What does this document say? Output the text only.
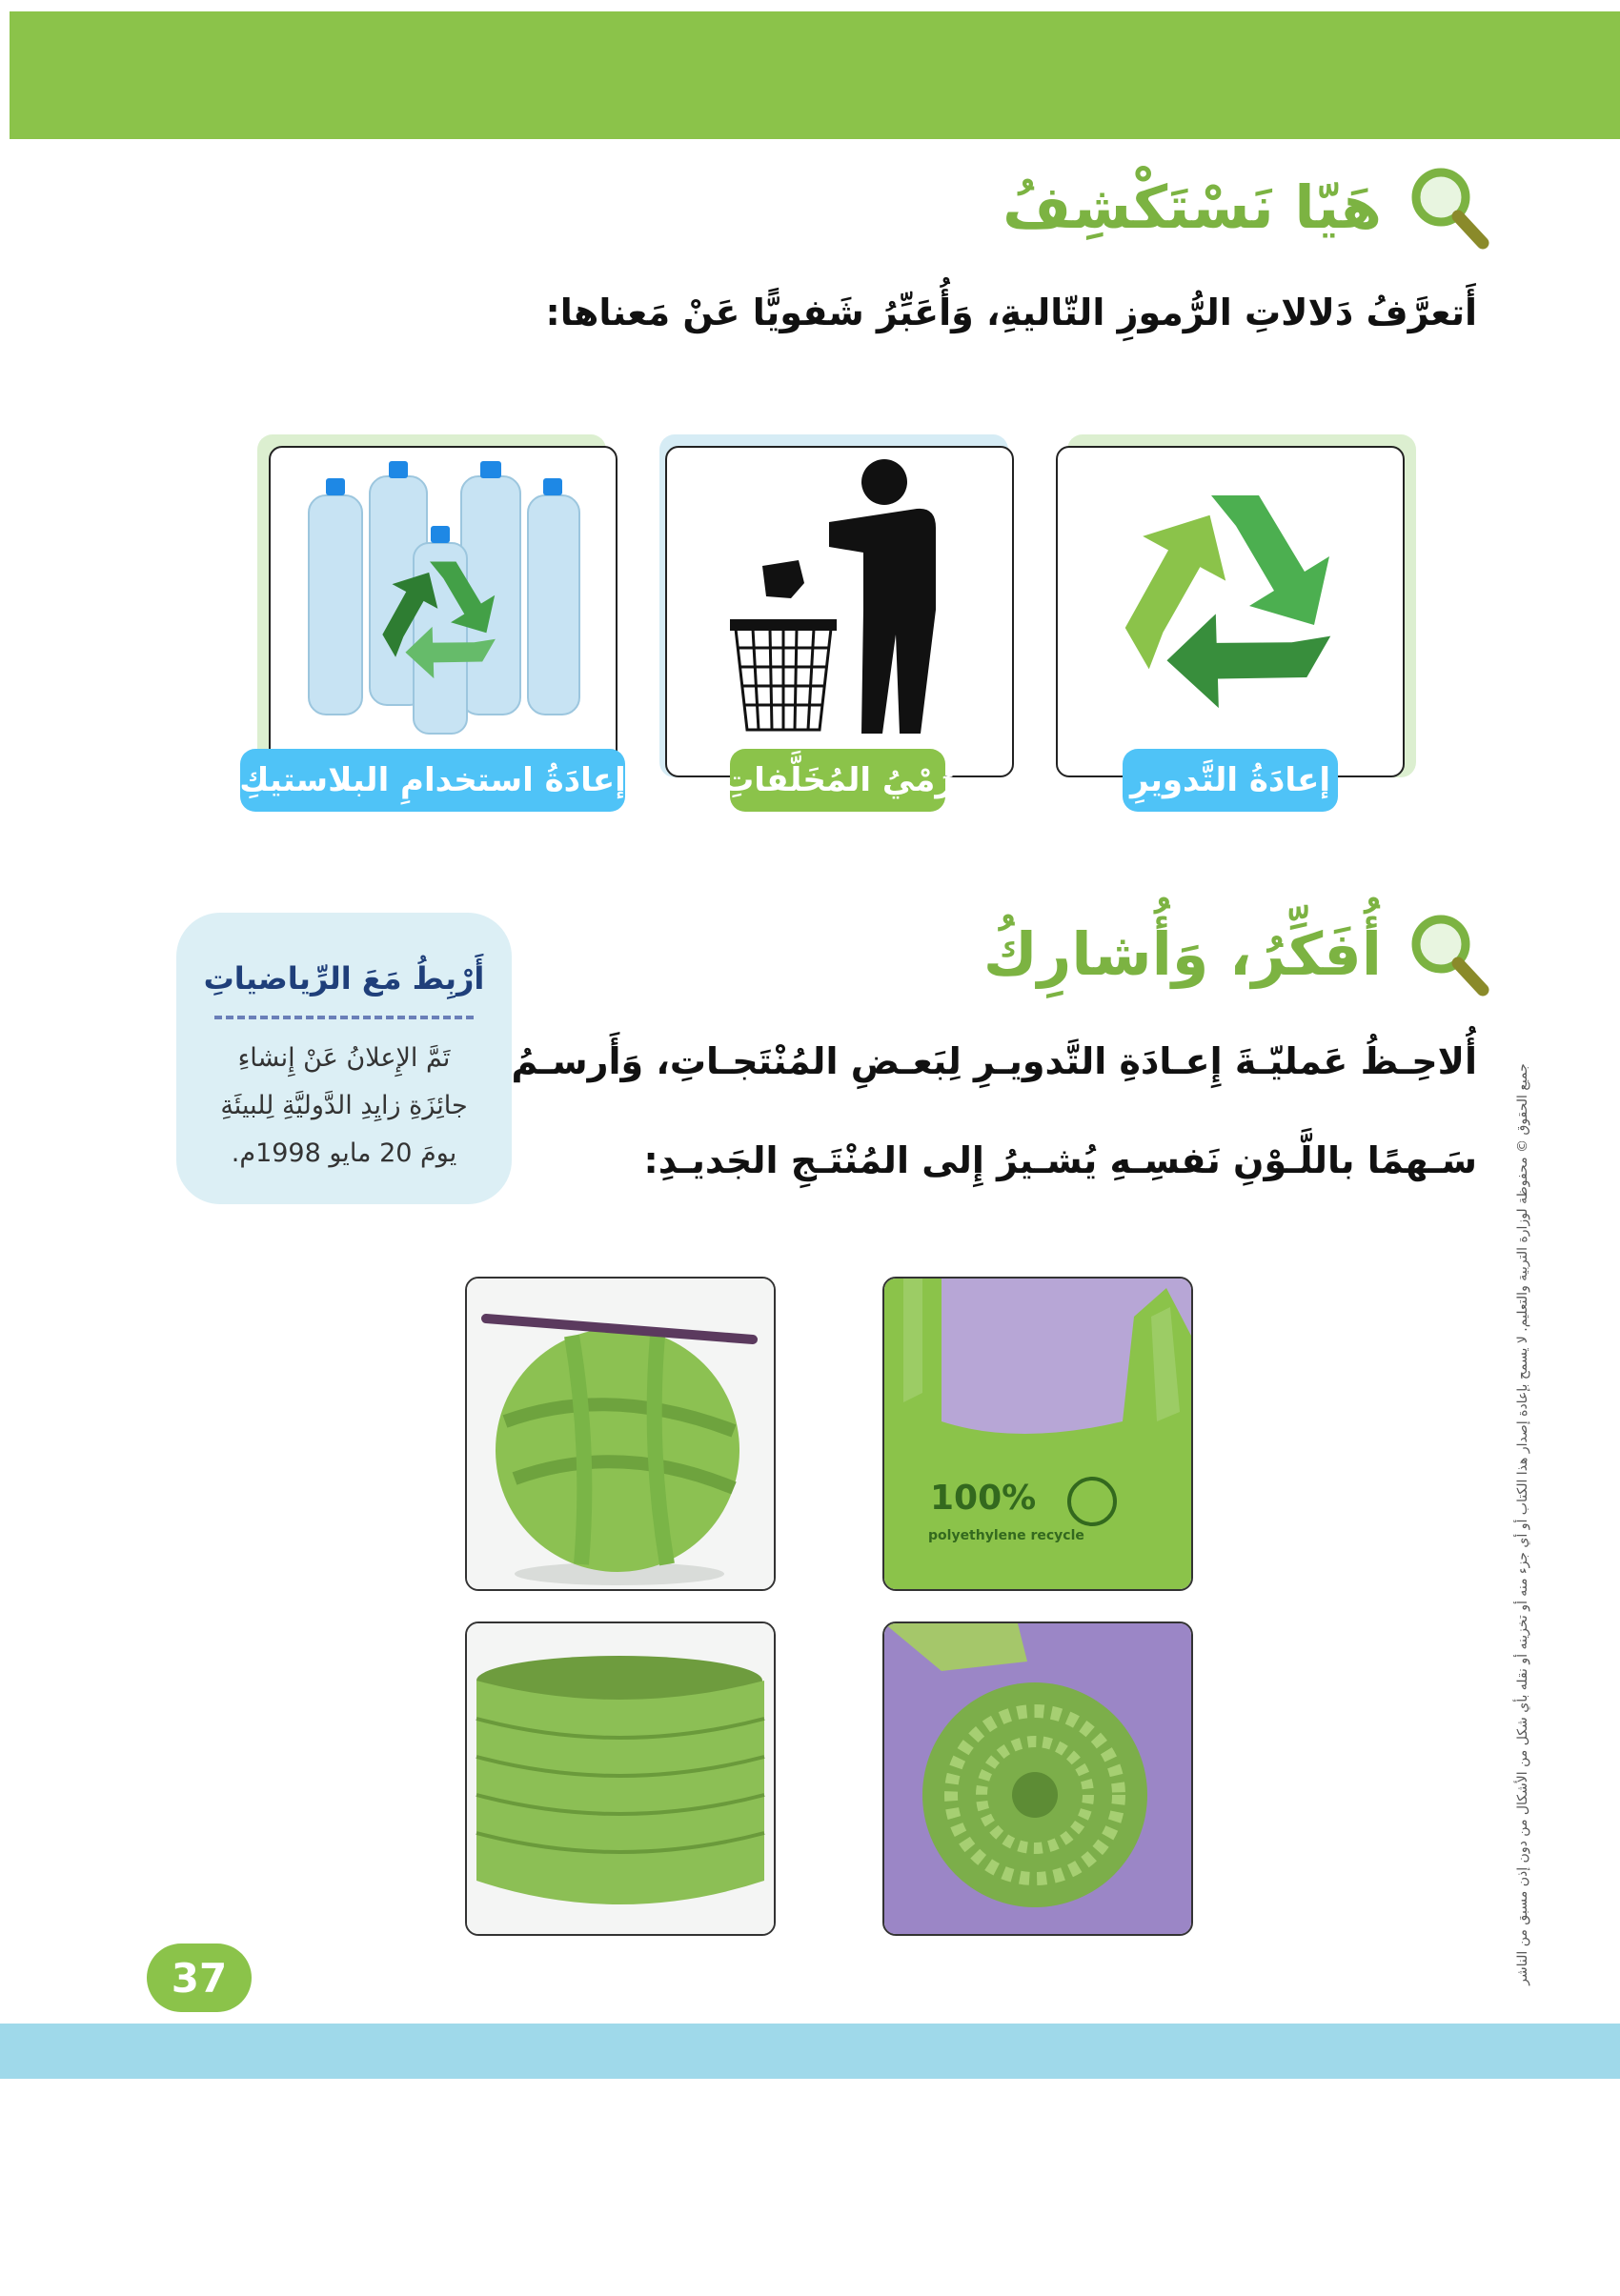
هَيّا نَسْتَكْشِفُ
أَتعرَّفُ دَلالاتِ الرُّموزِ التّاليةِ، وَأُعَبِّرُ شَفويًّا عَنْ مَعناها:
إعادَةُ التَّدويرِ
رَمْيُ المُخَلَّفاتِ
إعادَةُ استخدامِ البلاستيكِ
أُفَكِّرُ، وَأُشارِكُ
أُلاحِـظُ عَمليّـةَ إِعـادَةِ التَّدويـرِ لِبَعـضِ المُنْتَجـاتِ، وَأَرسـمُ
سَـهمًا باللَّـوْنِ نَفسِـهِ يُشـيرُ إِلى المُنْتَـجِ الجَديـدِ:
أَرْبِطُ مَعَ الرِّياضياتِ
تَمَّ الإِعلانُ عَنْ إِنشاءِ
جائِزَةِ زايِدِ الدَّوليَّةِ لِلبيئَةِ
يومَ 20 مايو 1998م.
100%
polyethylene recycle
37	جميع الحقوق © محفوظة لوزارة التربية والتعليم. لا يسمح بإعادة إصدار هذا الكتاب أو أي جزء منه أو تخزينه أو نقله بأي شكل من الأشكال من دون إذن مسبق من الناشر
